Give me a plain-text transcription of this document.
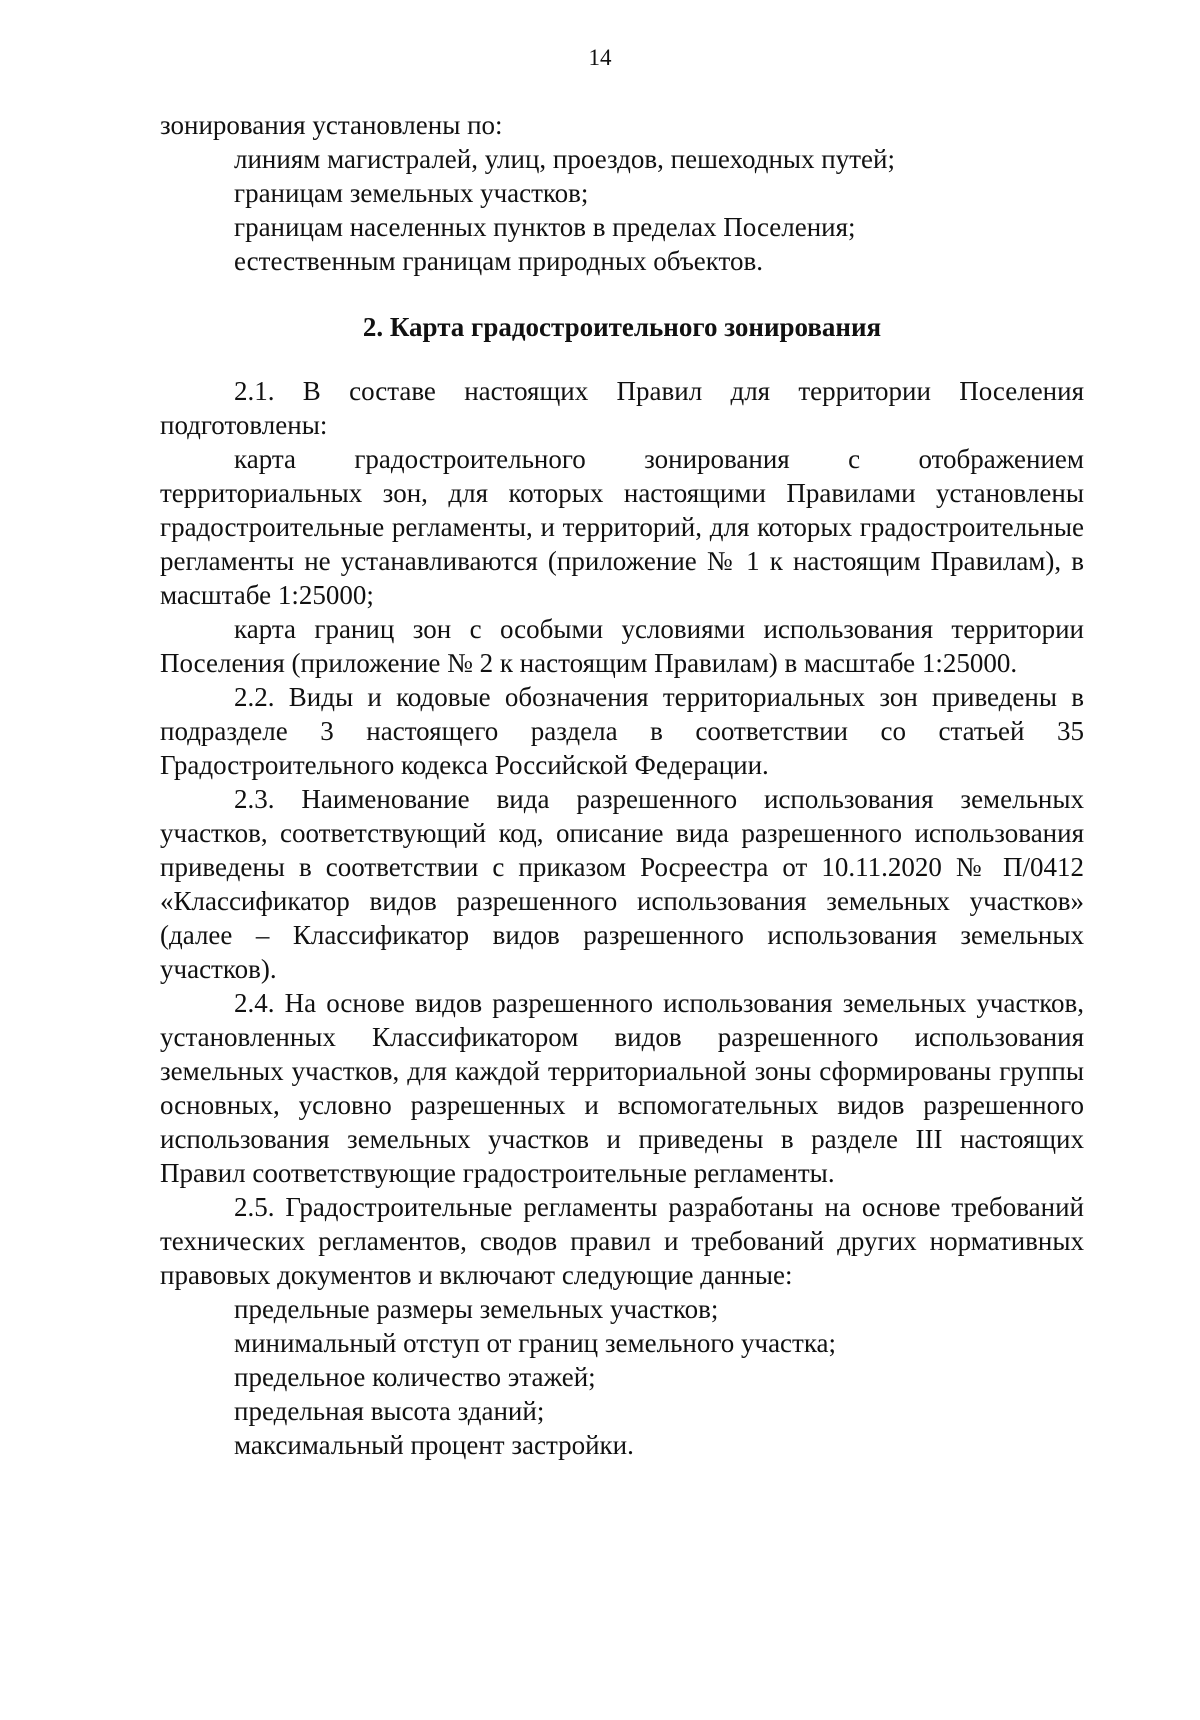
14

зонирования установлены по:

линиям магистралей, улиц, проездов, пешеходных путей;

границам земельных участков;

границам населенных пунктов в пределах Поселения;

естественным границам природных объектов.

2. Карта градостроительного зонирования

2.1. В составе настоящих Правил для территории Поселения подготовлены:

карта градостроительного зонирования с отображением территориальных зон, для которых настоящими Правилами установлены градостроительные регламенты, и территорий, для которых градостроительные регламенты не устанавливаются (приложение № 1 к настоящим Правилам), в масштабе 1:25000;

карта границ зон с особыми условиями использования территории Поселения (приложение № 2 к настоящим Правилам) в масштабе 1:25000.

2.2. Виды и кодовые обозначения территориальных зон приведены в подразделе 3 настоящего раздела в соответствии со статьей 35 Градостроительного кодекса Российской Федерации.

2.3. Наименование вида разрешенного использования земельных участков, соответствующий код, описание вида разрешенного использования приведены в соответствии с приказом Росреестра от 10.11.2020 № П/0412 «Классификатор видов разрешенного использования земельных участков» (далее – Классификатор видов разрешенного использования земельных участков).

2.4. На основе видов разрешенного использования земельных участков, установленных Классификатором видов разрешенного использования земельных участков, для каждой территориальной зоны сформированы группы основных, условно разрешенных и вспомогательных видов разрешенного использования земельных участков и приведены в разделе III настоящих Правил соответствующие градостроительные регламенты.

2.5. Градостроительные регламенты разработаны на основе требований технических регламентов, сводов правил и требований других нормативных правовых документов и включают следующие данные:

предельные размеры земельных участков;

минимальный отступ от границ земельного участка;

предельное количество этажей;

предельная высота зданий;

максимальный процент застройки.
